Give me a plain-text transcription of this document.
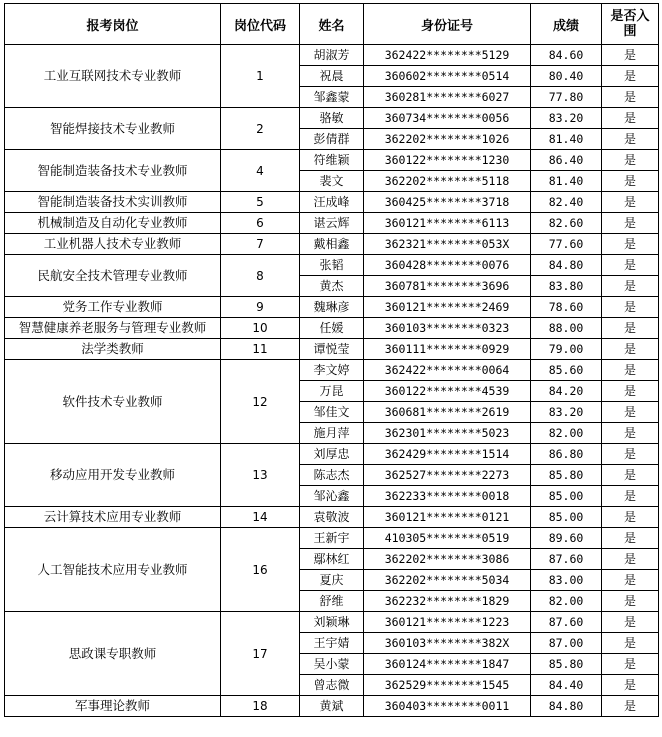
报考岗位	岗位代码	姓名	身份证号	成绩	是否入围
工业互联网技术专业教师	1	胡淑芳	362422********5129	84.60	是
		祝晨	360602********0514	80.40	是
		邹鑫蒙	360281********6027	77.80	是
智能焊接技术专业教师	2	骆敏	360734********0056	83.20	是
		彭倩群	362202********1026	81.40	是
智能制造装备技术专业教师	4	符维颖	360122********1230	86.40	是
		裴文	362202********5118	81.40	是
智能制造装备技术实训教师	5	汪成峰	360425********3718	82.40	是
机械制造及自动化专业教师	6	谌云辉	360121********6113	82.60	是
工业机器人技术专业教师	7	戴相鑫	362321********053X	77.60	是
民航安全技术管理专业教师	8	张韬	360428********0076	84.80	是
		黄杰	360781********3696	83.80	是
党务工作专业教师	9	魏琳彦	360121********2469	78.60	是
智慧健康养老服务与管理专业教师	10	任媛	360103********0323	88.00	是
法学类教师	11	谭悦莹	360111********0929	79.00	是
软件技术专业教师	12	李文婷	362422********0064	85.60	是
		万昆	360122********4539	84.20	是
		邹佳文	360681********2619	83.20	是
		施月萍	362301********5023	82.00	是
移动应用开发专业教师	13	刘厚忠	362429********1514	86.80	是
		陈志杰	362527********2273	85.80	是
		邹沁鑫	362233********0018	85.00	是
云计算技术应用专业教师	14	袁敬波	360121********0121	85.00	是
人工智能技术应用专业教师	16	王新宇	410305********0519	89.60	是
		鄢林红	362202********3086	87.60	是
		夏庆	362202********5034	83.00	是
		舒维	362232********1829	82.00	是
思政课专职教师	17	刘颖琳	360121********1223	87.60	是
		王宇婧	360103********382X	87.00	是
		吴小蒙	360124********1847	85.80	是
		曾志微	362529********1545	84.40	是
军事理论教师	18	黄斌	360403********0011	84.80	是
